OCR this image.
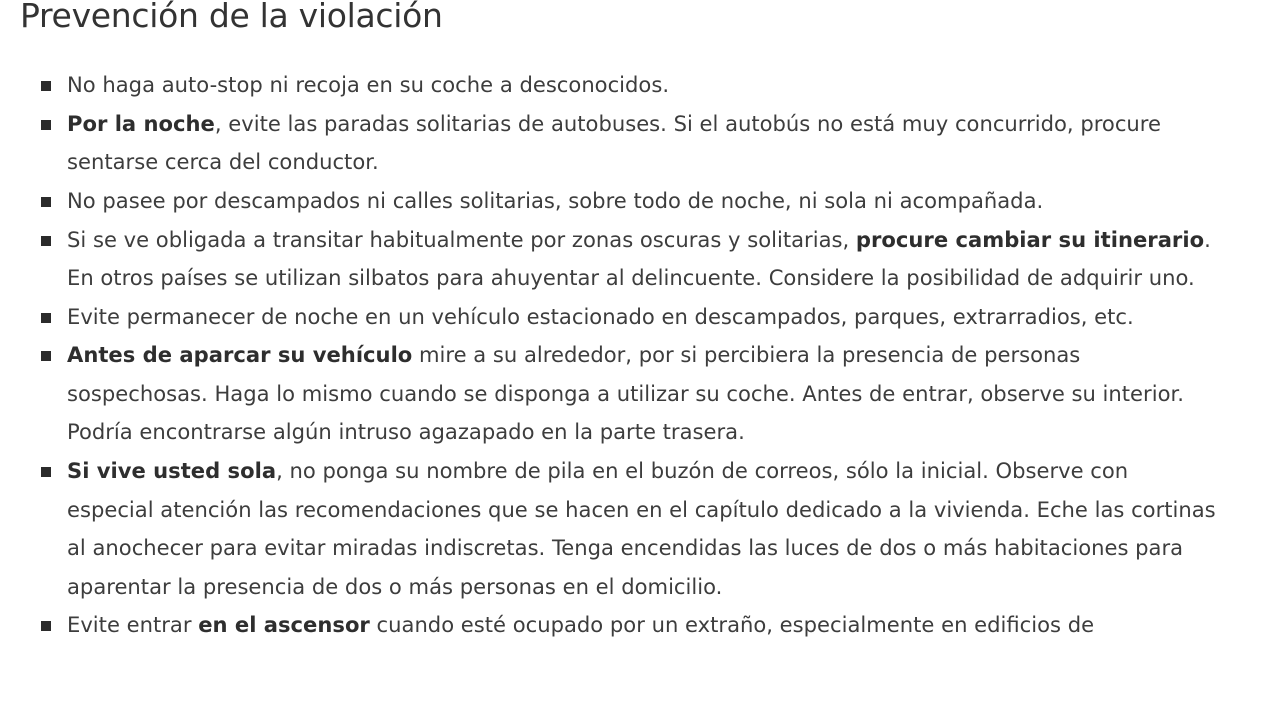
Prevención de la violación
No haga auto-stop ni recoja en su coche a desconocidos.
Por la noche, evite las paradas solitarias de autobuses. Si el autobús no está muy concurrido, procure sentarse cerca del conductor.
No pasee por descampados ni calles solitarias, sobre todo de noche, ni sola ni acompañada.
Si se ve obligada a transitar habitualmente por zonas oscuras y solitarias, procure cambiar su itinerario. En otros países se utilizan silbatos para ahuyentar al delincuente. Considere la posibilidad de adquirir uno.
Evite permanecer de noche en un vehículo estacionado en descampados, parques, extrarradios, etc.
Antes de aparcar su vehículo mire a su alrededor, por si percibiera la presencia de personas sospechosas. Haga lo mismo cuando se disponga a utilizar su coche. Antes de entrar, observe su interior. Podría encontrarse algún intruso agazapado en la parte trasera.
Si vive usted sola, no ponga su nombre de pila en el buzón de correos, sólo la inicial. Observe con especial atención las recomendaciones que se hacen en el capítulo dedicado a la vivienda. Eche las cortinas al anochecer para evitar miradas indiscretas. Tenga encendidas las luces de dos o más habitaciones para aparentar la presencia de dos o más personas en el domicilio.
Evite entrar en el ascensor cuando esté ocupado por un extraño, especialmente en edificios de
